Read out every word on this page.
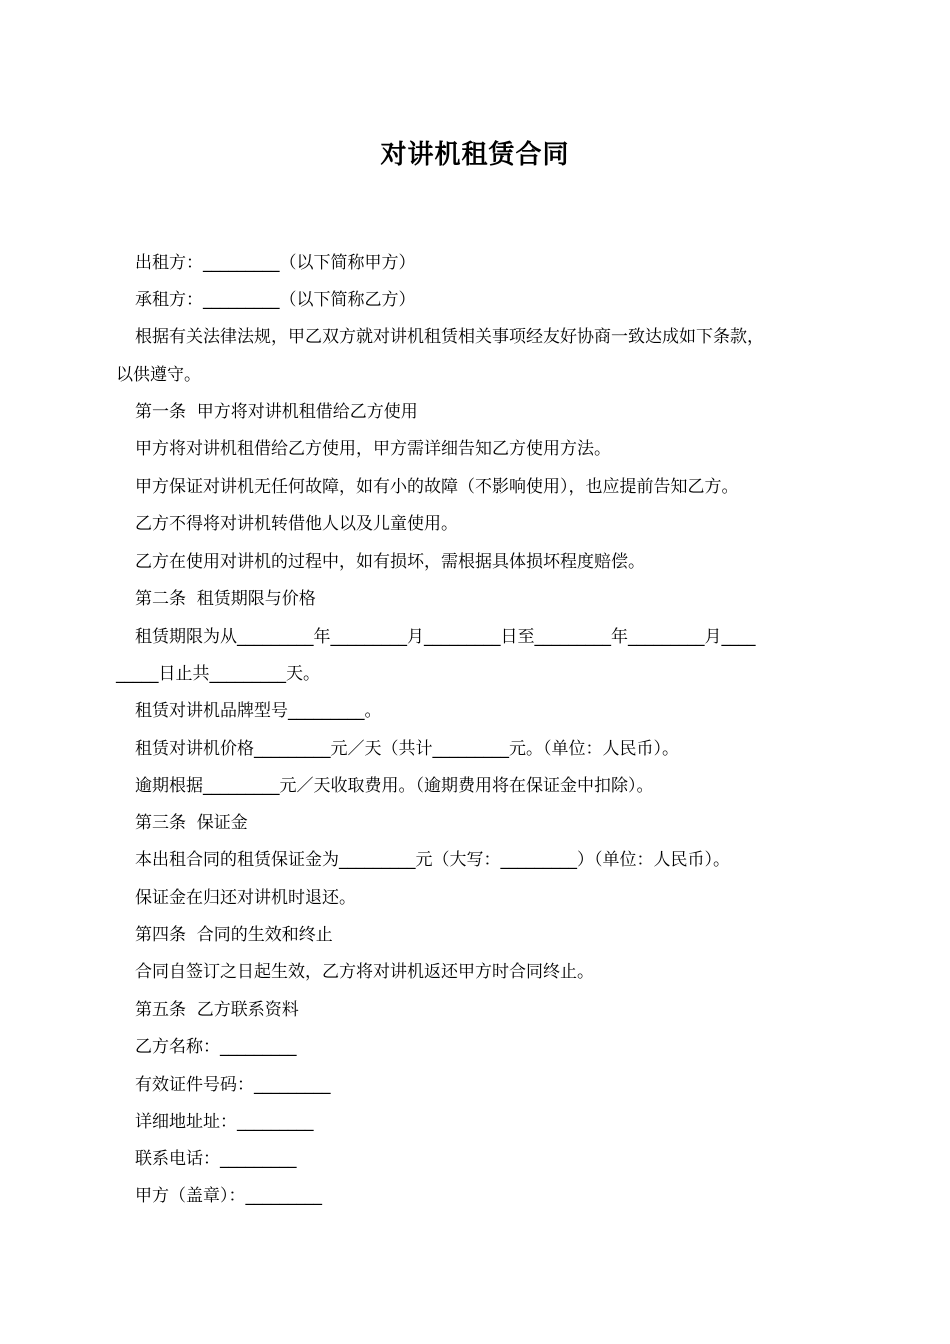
对讲机租赁合同
出租方：_________（以下简称甲方）
承租方：_________（以下简称乙方）
根据有关法律法规，甲乙双方就对讲机租赁相关事项经友好协商一致达成如下条款，
以供遵守。
第一条  甲方将对讲机租借给乙方使用
甲方将对讲机租借给乙方使用，甲方需详细告知乙方使用方法。
甲方保证对讲机无任何故障，如有小的故障（不影响使用），也应提前告知乙方。
乙方不得将对讲机转借他人以及儿童使用。
乙方在使用对讲机的过程中，如有损坏，需根据具体损坏程度赔偿。
第二条  租赁期限与价格
租赁期限为从_________年_________月_________日至_________年_________月____
_____日止共_________天。
租赁对讲机品牌型号_________。
租赁对讲机价格_________元／天（共计_________元。（单位：人民币）。
逾期根据_________元／天收取费用。（逾期费用将在保证金中扣除）。
第三条  保证金
本出租合同的租赁保证金为_________元（大写：_________）（单位：人民币）。
保证金在归还对讲机时退还。
第四条  合同的生效和终止
合同自签订之日起生效，乙方将对讲机返还甲方时合同终止。
第五条  乙方联系资料
乙方名称：_________
有效证件号码：_________
详细地址址：_________
联系电话：_________
甲方（盖章）：_________
